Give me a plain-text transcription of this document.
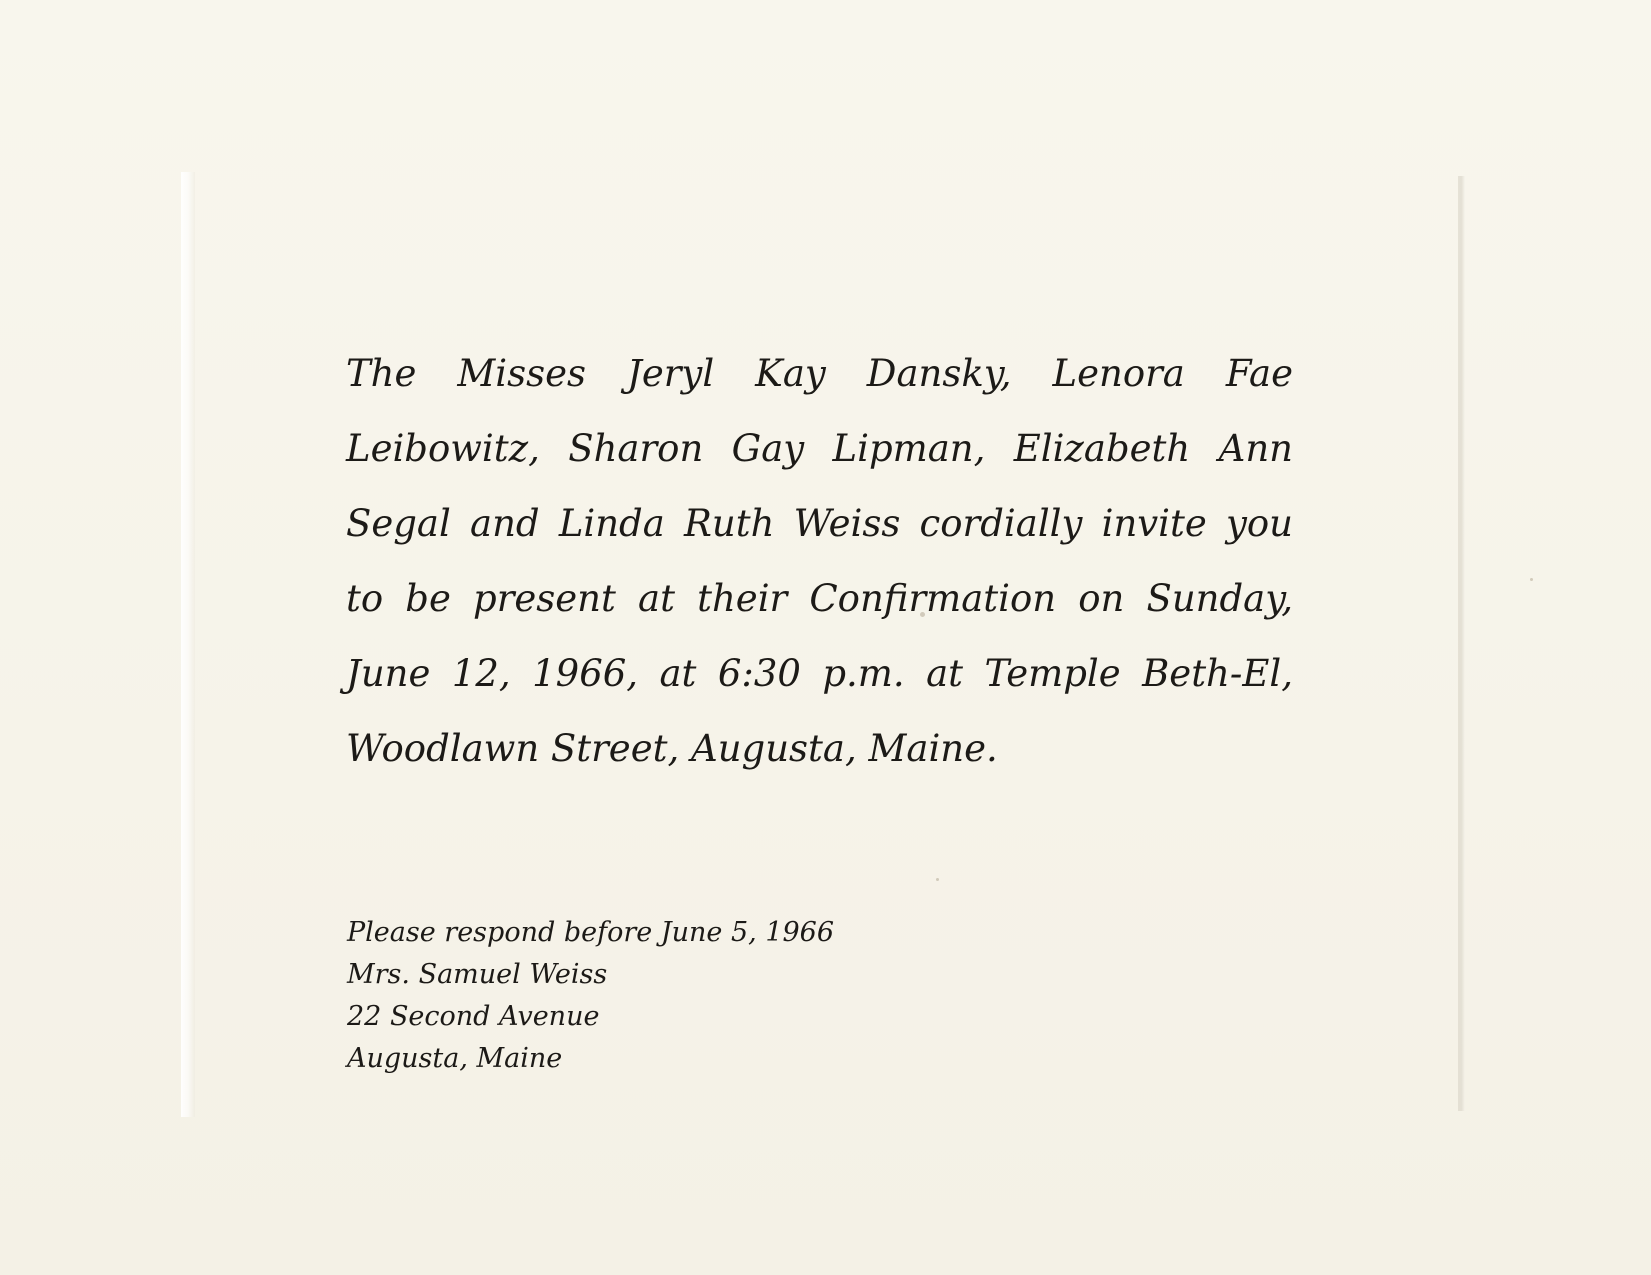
The Misses Jeryl Kay Dansky, Lenora Fae
Leibowitz, Sharon Gay Lipman, Elizabeth Ann
Segal and Linda Ruth Weiss cordially invite you
to be present at their Confirmation on Sunday,
June 12, 1966, at 6:30 p.m. at Temple Beth-El,
Woodlawn Street, Augusta, Maine.
Please respond before June 5, 1966
Mrs. Samuel Weiss
22 Second Avenue
Augusta, Maine
